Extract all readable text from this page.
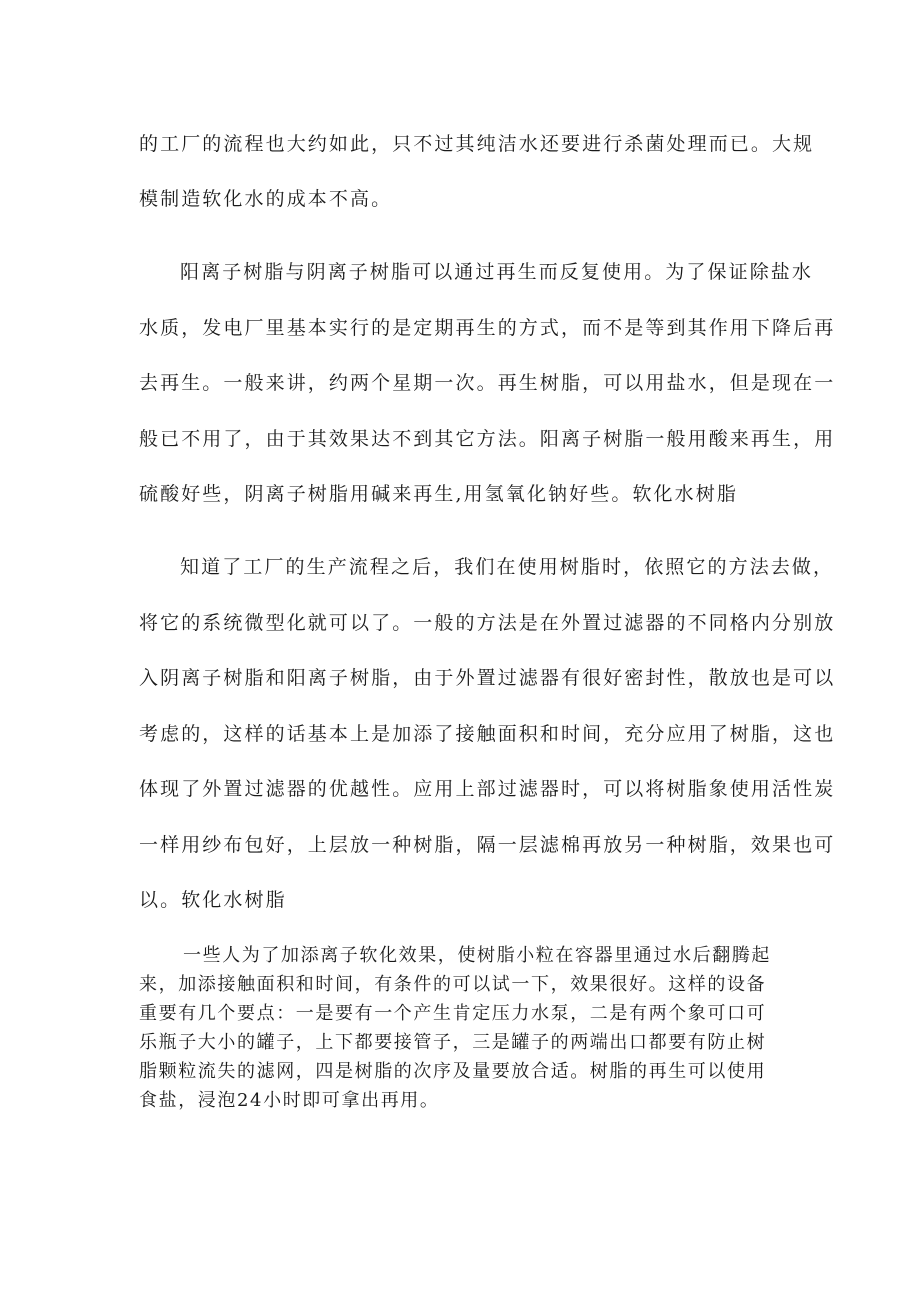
的工厂的流程也大约如此，只不过其纯洁水还要进行杀菌处理而已。大规
模制造软化水的成本不高。
阳离子树脂与阴离子树脂可以通过再生而反复使用。为了保证除盐水
水质，发电厂里基本实行的是定期再生的方式，而不是等到其作用下降后再
去再生。一般来讲，约两个星期一次。再生树脂，可以用盐水，但是现在一
般已不用了，由于其效果达不到其它方法。阳离子树脂一般用酸来再生，用
硫酸好些，阴离子树脂用碱来再生,用氢氧化钠好些。软化水树脂
知道了工厂的生产流程之后，我们在使用树脂时，依照它的方法去做，
将它的系统微型化就可以了。一般的方法是在外置过滤器的不同格内分别放
入阴离子树脂和阳离子树脂，由于外置过滤器有很好密封性，散放也是可以
考虑的，这样的话基本上是加添了接触面积和时间，充分应用了树脂，这也
体现了外置过滤器的优越性。应用上部过滤器时，可以将树脂象使用活性炭
一样用纱布包好，上层放一种树脂，隔一层滤棉再放另一种树脂，效果也可
以。软化水树脂
一些人为了加添离子软化效果，使树脂小粒在容器里通过水后翻腾起
来，加添接触面积和时间，有条件的可以试一下，效果很好。这样的设备
重要有几个要点：一是要有一个产生肯定压力水泵，二是有两个象可口可
乐瓶子大小的罐子，上下都要接管子，三是罐子的两端出口都要有防止树
脂颗粒流失的滤网，四是树脂的次序及量要放合适。树脂的再生可以使用
食盐，浸泡24小时即可拿出再用。
